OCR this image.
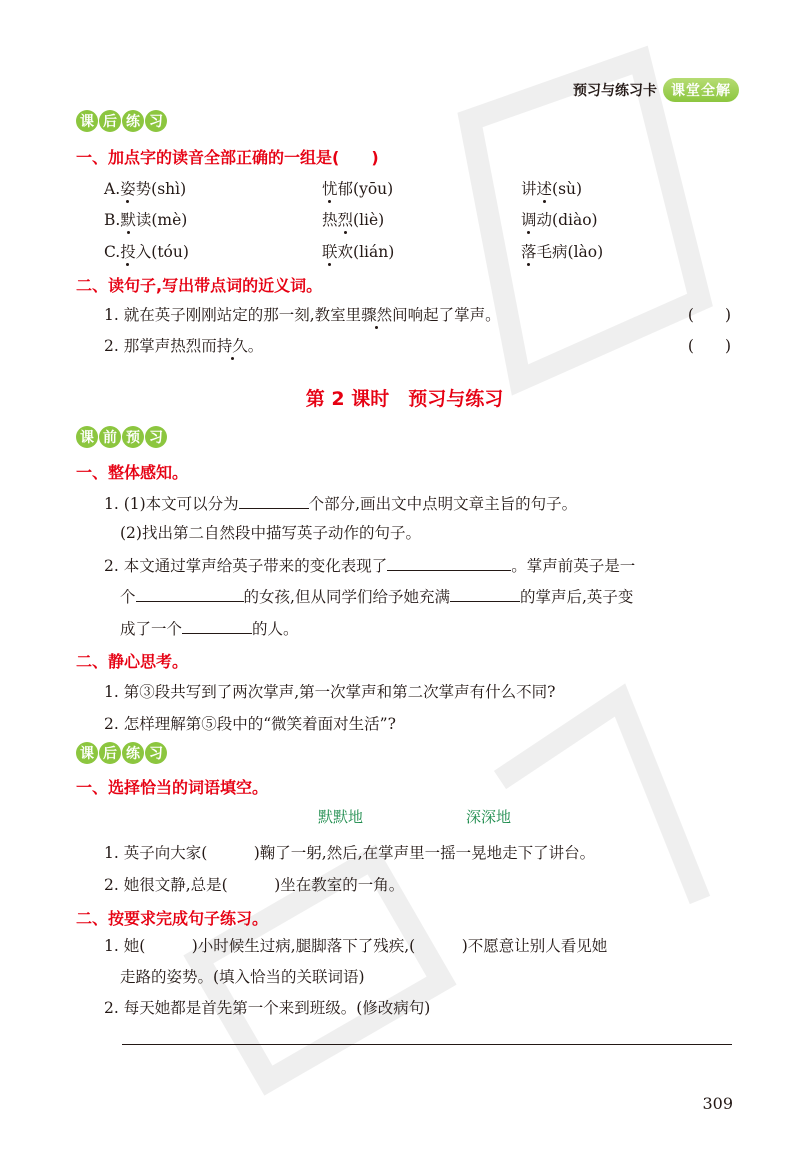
预习与练习卡	课堂全解
课 后 练 习
一、加点字的读音全部正确的一组是(　　)
A.姿势(shì)	忧郁(yōu)	讲述(sù)
B.默读(mè)	热烈(liè)	调动(diào)
C.投入(tóu)	联欢(lián)	落毛病(lào)
二、读句子,写出带点词的近义词。
1. 就在英子刚刚站定的那一刻,教室里骤然间响起了掌声。	(　　)
2. 那掌声热烈而持久。	(　　)
第 2 课时　预习与练习
课 前 预 习
一、整体感知。
1. (1)本文可以分为	个部分,画出文中点明文章主旨的句子。
(2)找出第二自然段中描写英子动作的句子。
2. 本文通过掌声给英子带来的变化表现了	。掌声前英子是一
个	的女孩,但从同学们给予她充满	的掌声后,英子变
成了一个	的人。
二、静心思考。
1. 第③段共写到了两次掌声,第一次掌声和第二次掌声有什么不同?
2. 怎样理解第⑤段中的“微笑着面对生活”?
课 后 练 习
一、选择恰当的词语填空。
默默地	深深地
1. 英子向大家(　　　)鞠了一躬,然后,在掌声里一摇一晃地走下了讲台。
2. 她很文静,总是(　　　)坐在教室的一角。
二、按要求完成句子练习。
1. 她(　　　)小时候生过病,腿脚落下了残疾,(　　　)不愿意让别人看见她
走路的姿势。(填入恰当的关联词语)
2. 每天她都是首先第一个来到班级。(修改病句)
309
